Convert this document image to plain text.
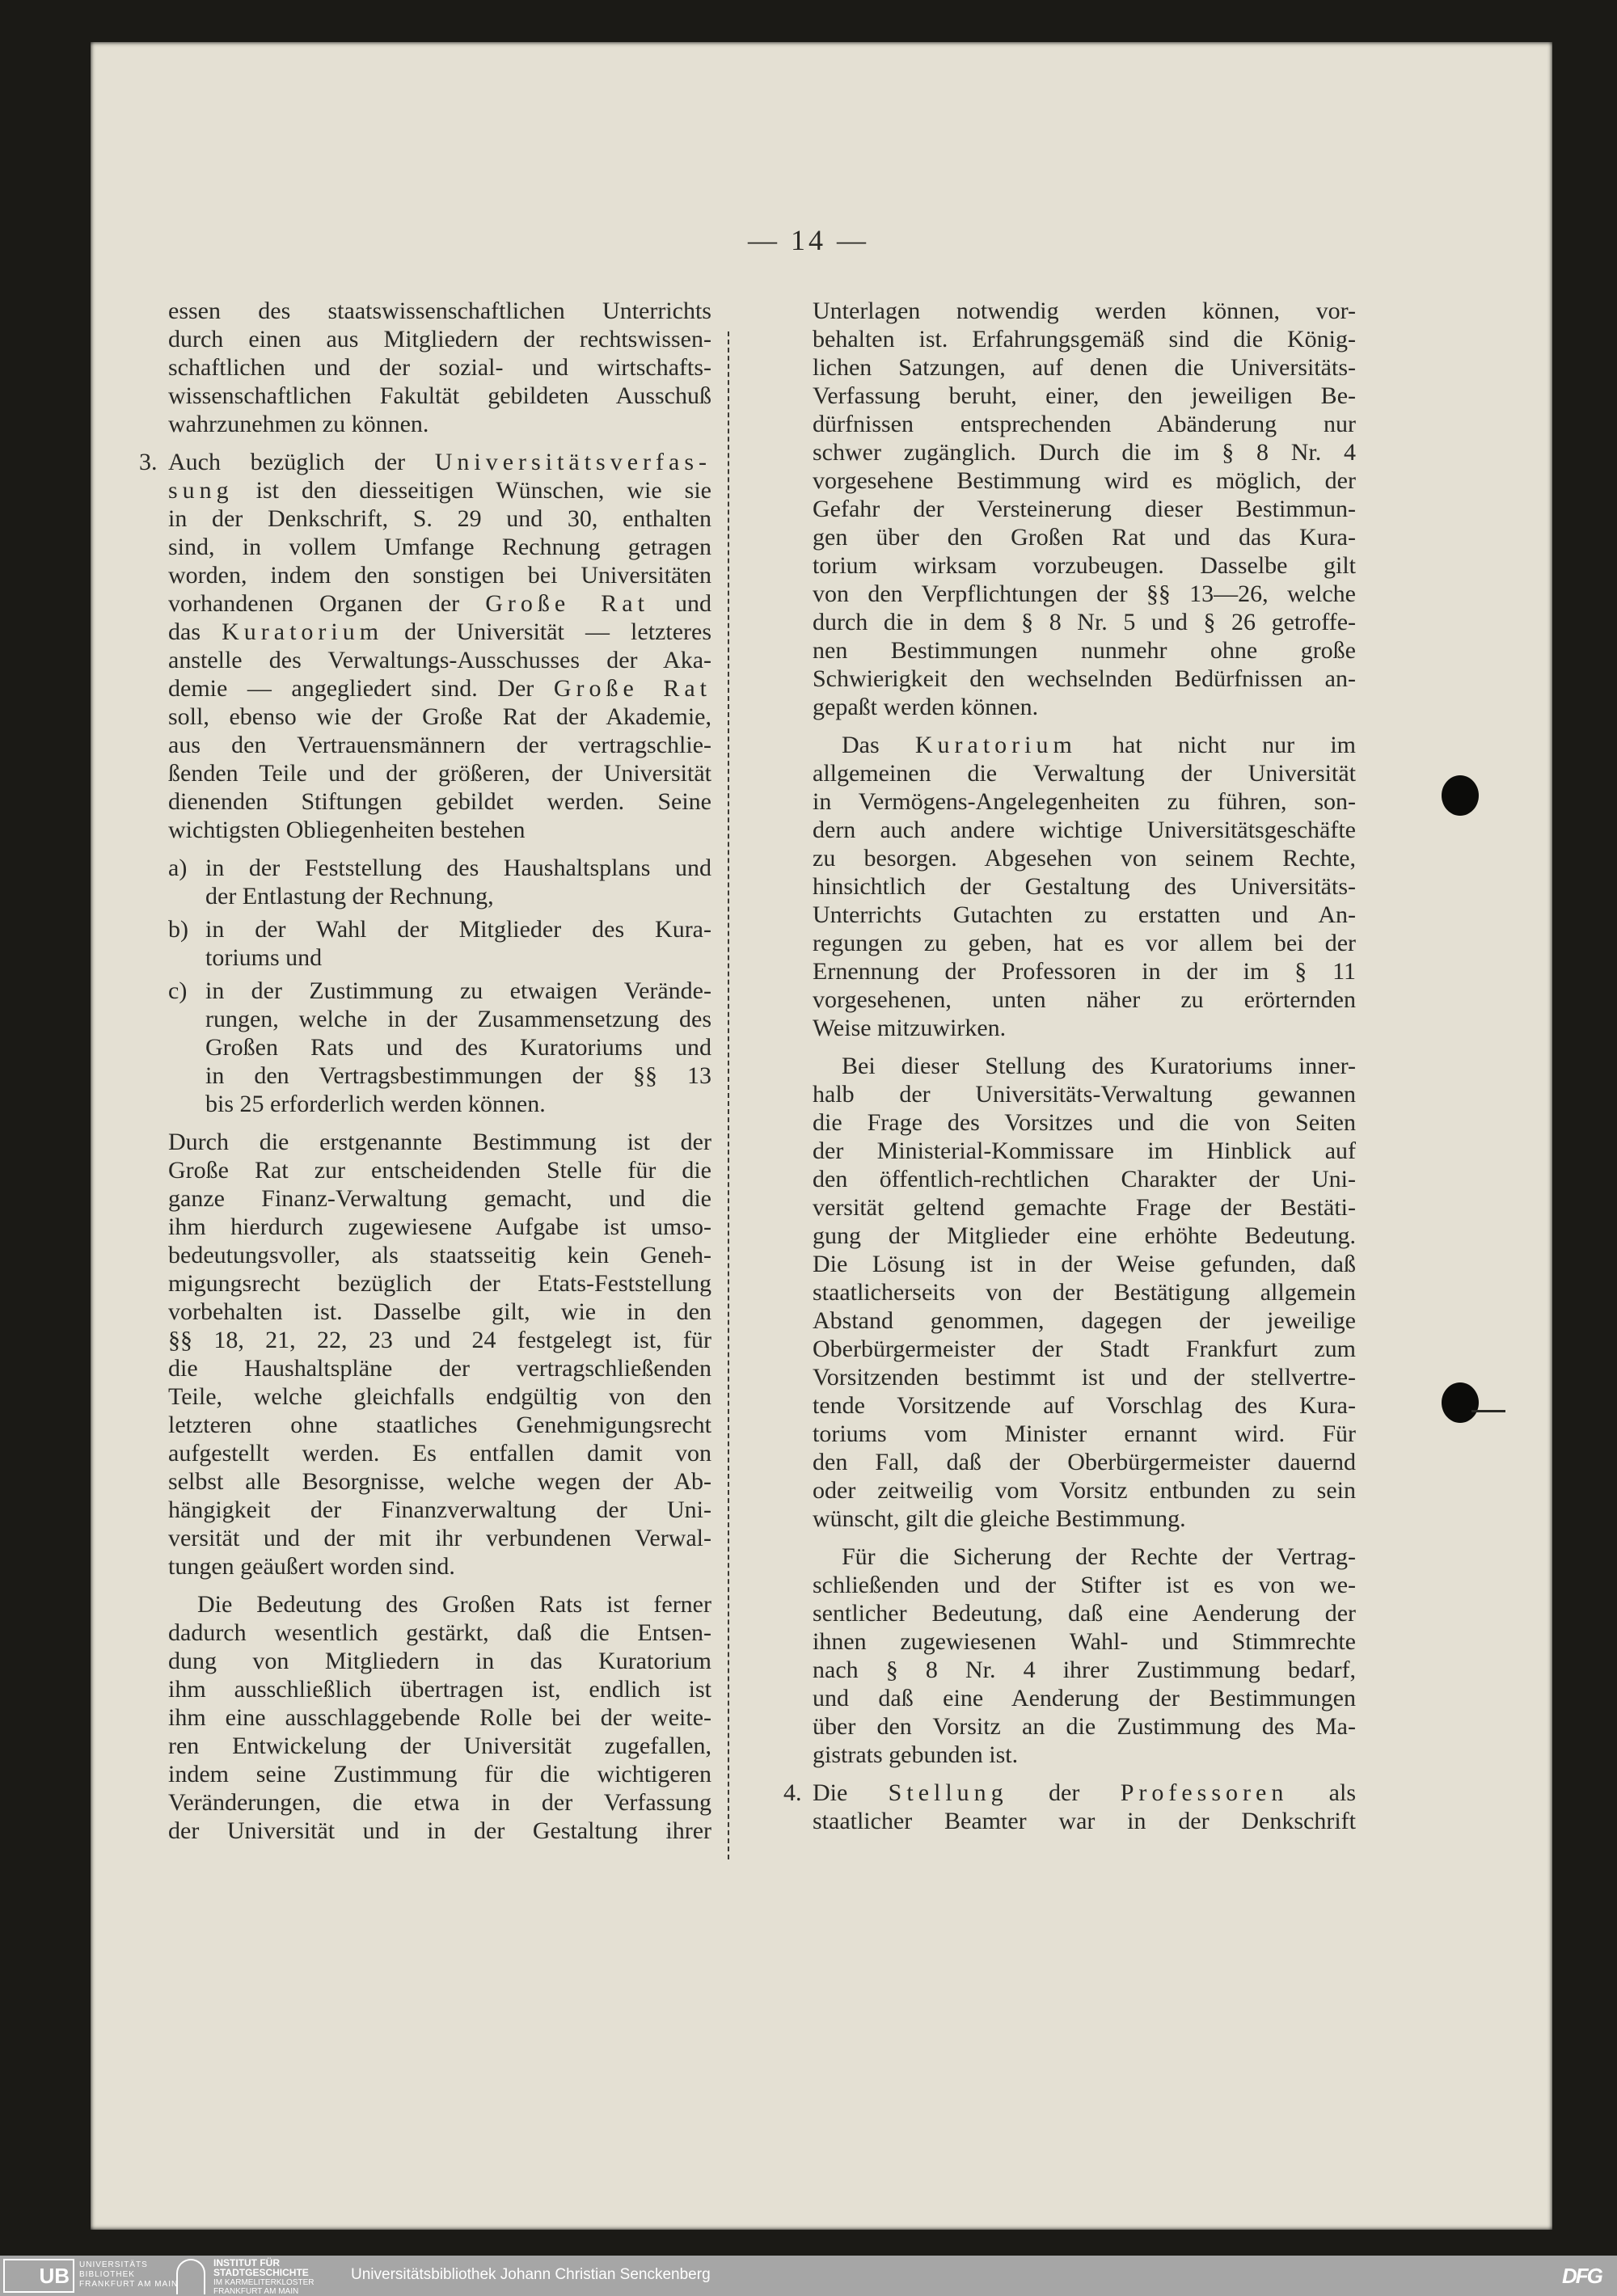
— 14 —
essen des staatswissenschaftlichen Unterrichts
durch einen aus Mitgliedern der rechtswissen-
schaftlichen und der sozial- und wirtschafts-
wissenschaftlichen Fakultät gebildeten Ausschuß
wahrzunehmen zu können.
3. Auch bezüglich der Universitätsverfas-
sung ist den diesseitigen Wünschen, wie sie
in der Denkschrift, S. 29 und 30, enthalten
sind, in vollem Umfange Rechnung getragen
worden, indem den sonstigen bei Universitäten
vorhandenen Organen der Große Rat und
das Kuratorium der Universität — letzteres
anstelle des Verwaltungs-Ausschusses der Aka-
demie — angegliedert sind. Der Große Rat
soll, ebenso wie der Große Rat der Akademie,
aus den Vertrauensmännern der vertragschlie-
ßenden Teile und der größeren, der Universität
dienenden Stiftungen gebildet werden. Seine
wichtigsten Obliegenheiten bestehen
a) in der Feststellung des Haushaltsplans und
der Entlastung der Rechnung,
b) in der Wahl der Mitglieder des Kura-
toriums und
c) in der Zustimmung zu etwaigen Verände-
rungen, welche in der Zusammensetzung des
Großen Rats und des Kuratoriums und
in den Vertragsbestimmungen der §§ 13
bis 25 erforderlich werden können.
Durch die erstgenannte Bestimmung ist der
Große Rat zur entscheidenden Stelle für die
ganze Finanz-Verwaltung gemacht, und die
ihm hierdurch zugewiesene Aufgabe ist umso-
bedeutungsvoller, als staatsseitig kein Geneh-
migungsrecht bezüglich der Etats-Feststellung
vorbehalten ist. Dasselbe gilt, wie in den
§§ 18, 21, 22, 23 und 24 festgelegt ist, für
die Haushaltspläne der vertragschließenden
Teile, welche gleichfalls endgültig von den
letzteren ohne staatliches Genehmigungsrecht
aufgestellt werden. Es entfallen damit von
selbst alle Besorgnisse, welche wegen der Ab-
hängigkeit der Finanzverwaltung der Uni-
versität und der mit ihr verbundenen Verwal-
tungen geäußert worden sind.
Die Bedeutung des Großen Rats ist ferner
dadurch wesentlich gestärkt, daß die Entsen-
dung von Mitgliedern in das Kuratorium
ihm ausschließlich übertragen ist, endlich ist
ihm eine ausschlaggebende Rolle bei der weite-
ren Entwickelung der Universität zugefallen,
indem seine Zustimmung für die wichtigeren
Veränderungen, die etwa in der Verfassung
der Universität und in der Gestaltung ihrer
Unterlagen notwendig werden können, vor-
behalten ist. Erfahrungsgemäß sind die König-
lichen Satzungen, auf denen die Universitäts-
Verfassung beruht, einer, den jeweiligen Be-
dürfnissen entsprechenden Abänderung nur
schwer zugänglich. Durch die im § 8 Nr. 4
vorgesehene Bestimmung wird es möglich, der
Gefahr der Versteinerung dieser Bestimmun-
gen über den Großen Rat und das Kura-
torium wirksam vorzubeugen. Dasselbe gilt
von den Verpflichtungen der §§ 13—26, welche
durch die in dem § 8 Nr. 5 und § 26 getroffe-
nen Bestimmungen nunmehr ohne große
Schwierigkeit den wechselnden Bedürfnissen an-
gepaßt werden können.
Das Kuratorium hat nicht nur im
allgemeinen die Verwaltung der Universität
in Vermögens-Angelegenheiten zu führen, son-
dern auch andere wichtige Universitätsgeschäfte
zu besorgen. Abgesehen von seinem Rechte,
hinsichtlich der Gestaltung des Universitäts-
Unterrichts Gutachten zu erstatten und An-
regungen zu geben, hat es vor allem bei der
Ernennung der Professoren in der im § 11
vorgesehenen, unten näher zu erörternden
Weise mitzuwirken.
Bei dieser Stellung des Kuratoriums inner-
halb der Universitäts-Verwaltung gewannen
die Frage des Vorsitzes und die von Seiten
der Ministerial-Kommissare im Hinblick auf
den öffentlich-rechtlichen Charakter der Uni-
versität geltend gemachte Frage der Bestäti-
gung der Mitglieder eine erhöhte Bedeutung.
Die Lösung ist in der Weise gefunden, daß
staatlicherseits von der Bestätigung allgemein
Abstand genommen, dagegen der jeweilige
Oberbürgermeister der Stadt Frankfurt zum
Vorsitzenden bestimmt ist und der stellvertre-
tende Vorsitzende auf Vorschlag des Kura-
toriums vom Minister ernannt wird. Für
den Fall, daß der Oberbürgermeister dauernd
oder zeitweilig vom Vorsitz entbunden zu sein
wünscht, gilt die gleiche Bestimmung.
Für die Sicherung der Rechte der Vertrag-
schließenden und der Stifter ist es von we-
sentlicher Bedeutung, daß eine Aenderung der
ihnen zugewiesenen Wahl- und Stimmrechte
nach § 8 Nr. 4 ihrer Zustimmung bedarf,
und daß eine Aenderung der Bestimmungen
über den Vorsitz an die Zustimmung des Ma-
gistrats gebunden ist.
4. Die Stellung der Professoren als
staatlicher Beamter war in der Denkschrift
UB	UNIVERSITÄTS
BIBLIOTHEK
FRANKFURT AM MAIN
INSTITUT FÜR
STADTGESCHICHTE
IM KARMELITERKLOSTER
FRANKFURT AM MAIN
Universitätsbibliothek Johann Christian Senckenberg	DFG
